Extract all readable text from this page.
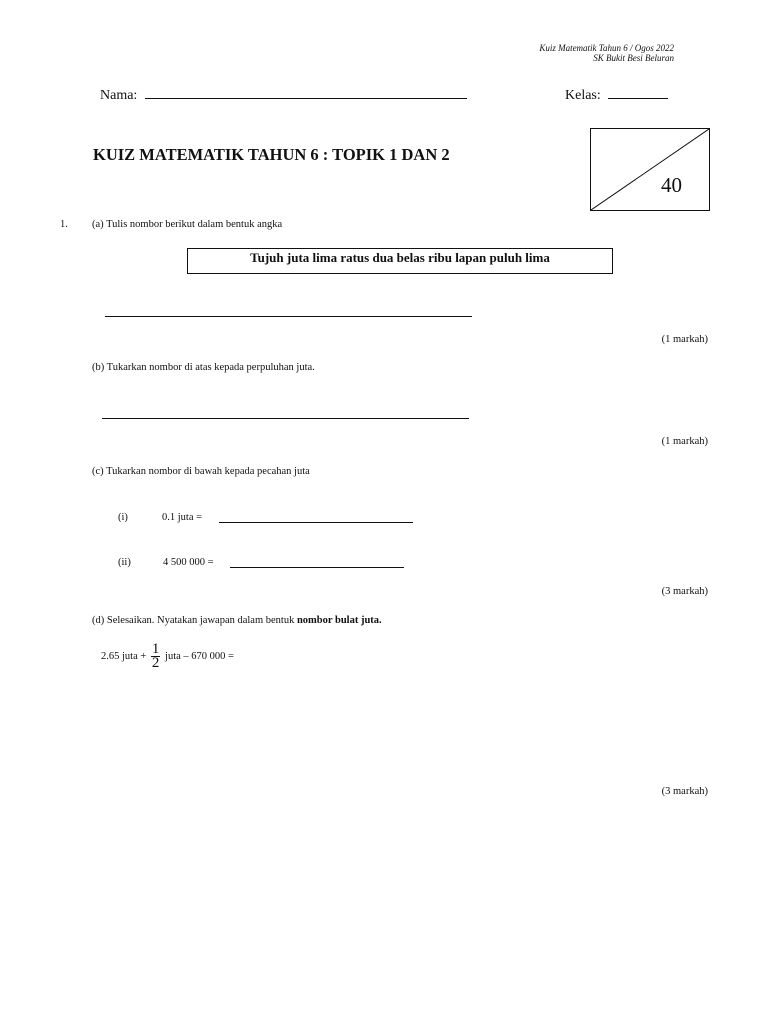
Kuiz Matematik Tahun 6 / Ogos 2022
SK Bukit Besi Beluran
Nama:	Kelas:
40
KUIZ MATEMATIK TAHUN 6 : TOPIK 1 DAN 2
1. (a) Tulis nombor berikut dalam bentuk angka
Tujuh juta lima ratus dua belas ribu lapan puluh lima
(1 markah)
(b) Tukarkan nombor di atas kepada perpuluhan juta.
(1 markah)
(c) Tukarkan nombor di bawah kepada pecahan juta
(i)	0.1 juta =
(ii)	4 500 000 =
(3 markah)
(d) Selesaikan. Nyatakan jawapan dalam bentuk nombor bulat juta.
2.65 juta + $\frac{1}{2}$ juta – 670 000 =
(3 markah)
